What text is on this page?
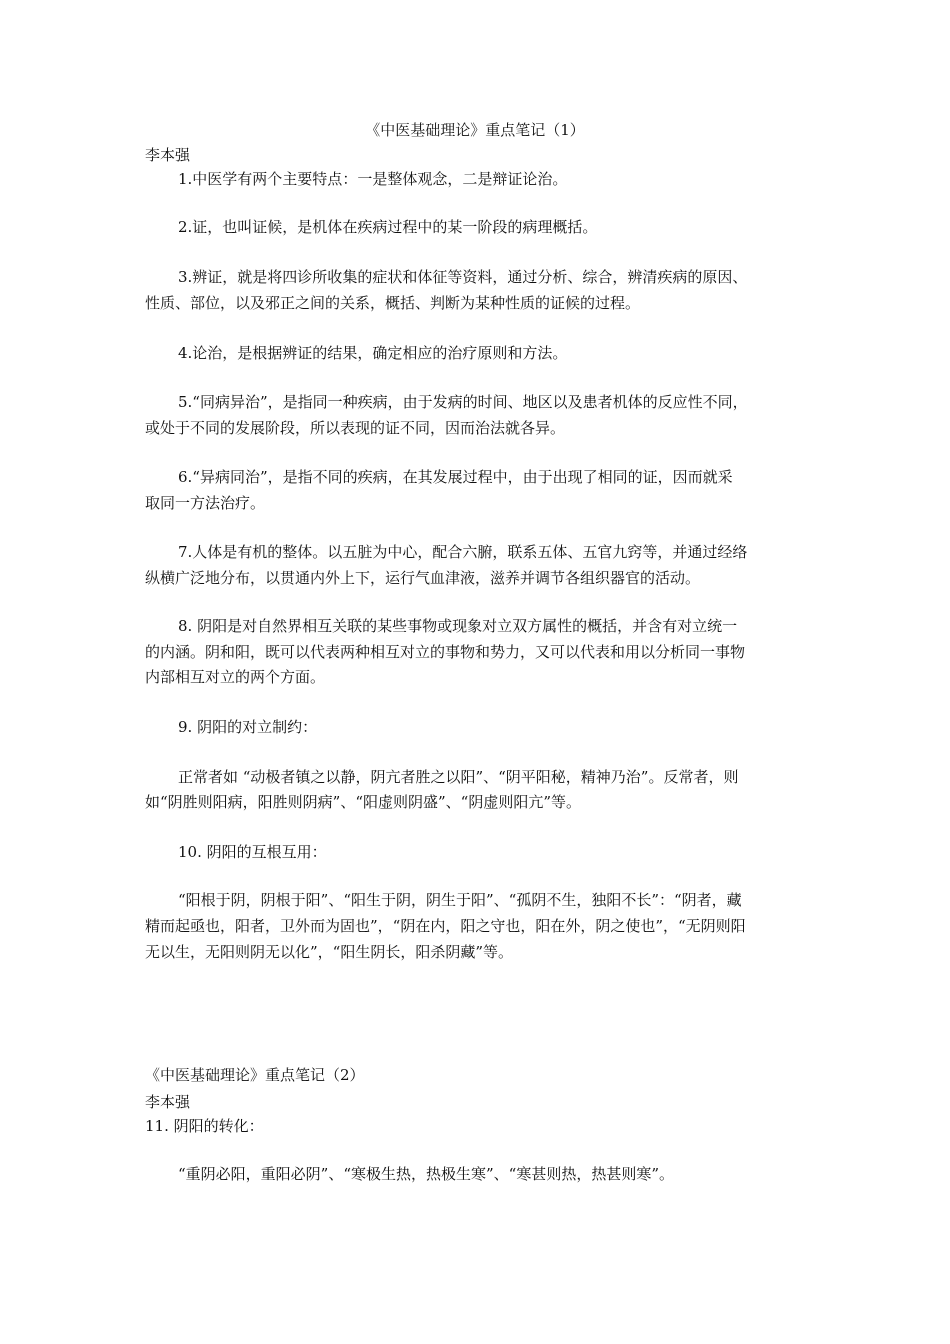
《中医基础理论》重点笔记（1）
李本强
1.中医学有两个主要特点：一是整体观念，二是辩证论治。
2.证，也叫证候，是机体在疾病过程中的某一阶段的病理概括。
3.辨证，就是将四诊所收集的症状和体征等资料，通过分析、综合，辨清疾病的原因、
性质、部位，以及邪正之间的关系，概括、判断为某种性质的证候的过程。
4.论治，是根据辨证的结果，确定相应的治疗原则和方法。
5.“同病异治”，是指同一种疾病，由于发病的时间、地区以及患者机体的反应性不同，
或处于不同的发展阶段，所以表现的证不同，因而治法就各异。
6.“异病同治”，是指不同的疾病，在其发展过程中，由于出现了相同的证，因而就采
取同一方法治疗。
7.人体是有机的整体。以五脏为中心，配合六腑，联系五体、五官九窍等，并通过经络
纵横广泛地分布，以贯通内外上下，运行气血津液，滋养并调节各组织器官的活动。
8. 阴阳是对自然界相互关联的某些事物或现象对立双方属性的概括，并含有对立统一
的内涵。阴和阳，既可以代表两种相互对立的事物和势力，又可以代表和用以分析同一事物
内部相互对立的两个方面。
9. 阴阳的对立制约：
正常者如 “动极者镇之以静，阴亢者胜之以阳”、“阴平阳秘，精神乃治”。反常者，则
如“阴胜则阳病，阳胜则阴病”、“阳虚则阴盛”、“阴虚则阳亢”等。
10. 阴阳的互根互用：
“阳根于阴，阴根于阳”、“阳生于阴，阴生于阳”、“孤阴不生，独阳不长”：“阴者，藏
精而起亟也，阳者，卫外而为固也”，“阴在内，阳之守也，阳在外，阴之使也”，“无阴则阳
无以生，无阳则阴无以化”，“阳生阴长，阳杀阴藏”等。
《中医基础理论》重点笔记（2）
李本强
11. 阴阳的转化：
“重阴必阳，重阳必阴”、“寒极生热，热极生寒”、“寒甚则热，热甚则寒”。
